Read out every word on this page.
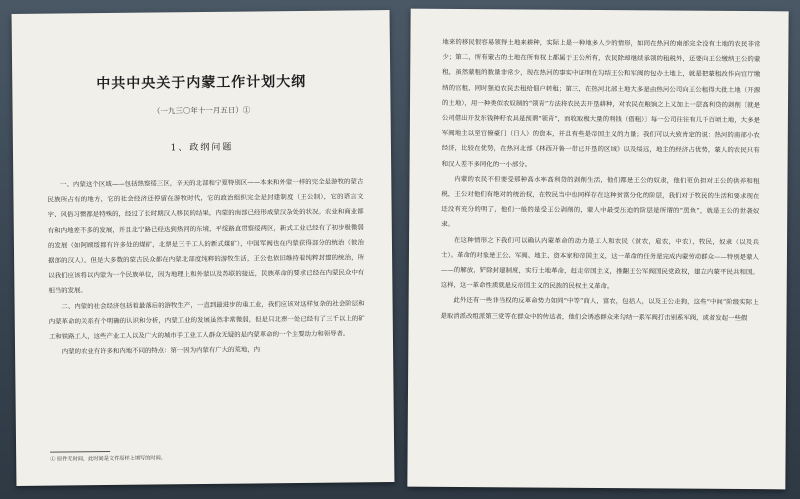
中共中央关于内蒙工作计划大纲
（一九三〇年十一月五日）①
1、政纲问题

一、内蒙这个区域——包括热察绥三区，辛天的北部和宁夏特别区——本来和外蒙一样的完全是游牧的蒙古民族所占有的地方，它的社会经济还停留在游牧时代，它的政治组织完全是封建制度（王公制），它的语言文字、风俗习惯都是特殊的，经过了长时期汉人移民的结果，内蒙的南部已经形成蒙汉杂处的状况。农业和商业都有和内地差不多的发展，并且北宁路已经达到热河的东境，平绥路直贯察绥两区，新式工业已经有了初步极微弱的发展（如阿顾绥都有许多处的煤矿，北票是三千工人的新式煤矿），中国军阀也在内蒙获得部分的统治（彼治据部的汉人）。但是大多数的蒙古民众都在内蒙北部度纯粹的游牧生活，王公也依旧维持着纯粹封建的统治，所以我们应该将以内蒙为一个民族单位，因为地理上和外蒙以及苏联的接近，民族革命的要求已经在内蒙民众中有相当的发展。

二、内蒙的社会经济包括着最落后的游牧生产，一直到最进步的重工业，我们应该对这样复杂的社会阶层和内蒙革命的关系有个明确的认识和分析，内蒙工业的发展虽然非常微弱，但是只北票一处已经有了三千以上的矿工和铁路工人，这些产业工人以及广大的城市手工业工人群众无疑的是内蒙革命的一个主要动力和领导者。

内蒙的农业有许多和内地不同的特点：第一因为内蒙有广大的荒地，内

① 原件无时间，此时间是文件原样上填写的时间。

地来的移民很容易领得土地来耕种，实际上是一种地多人少的情形，如同在热河的南部完全没有土地的农民非常少；第二，所有蒙古的土地在所有权上都属于王公所有，农民除却继续承领的租税外，还要向王公缴纳王公的蒙租，虽然蒙租的数量非常少，现在热河的事实中证明在勾结王公和军阀的包办土地上，就是把蒙租改作向官厅缴纳的官租，同时强迫农民去租给佃户转租；第三，在热河北部土地大多是由热河公司向王公租得大批土地（开源的土地），用一种类似农奴制的“领青”方法将农民去开垦耕种，对农民在粮饷之上又加上一层高利贷的剥削〔就是公司借出开发东钱种籽农具是预谓“领青”，而收取极大量的利钱（借粗）〕每一公司往往有几千百顷土地，大多是军阀地主以至官僚豪门（日人）的资本，并且有些是帝国主义的力量；我们可以大致肯定的说：热河的南部小农经济，比较在优势，在热河北部《林西开鲁一带已开垦的区域》以及绥远，地主的经济占优势，蒙人的农民只有和汉人差不多同化的一小部分。

内蒙的农民不但要受那种高水率高利贷的剥削生活，他们都是王公的奴隶，他们更负担对王公的供养和租税，王公对他们有绝对的统治权，在牧民当中也同样存在这种贫富分化的阶层，我们对于牧民的生活和要求现在还没有充分的明了，他们一般的是受王公剥削的，蒙人中最受压迫的阶层是所谓的“黑鱼”，就是王公的世袭奴隶。

在这种情形之下我们可以确认内蒙革命的动力是工人和农民（贫农，雇农，中农），牧民，奴隶（以及兵士）。革命的对象是王公、军阀、地主、资本家和帝国主义，这一革命的任务是完成内蒙劳动群众——特别是蒙人——的解放，铲除封建制度，实行土地革命，赶走帝国主义，推翻王公军阀国民党政权，建立内蒙平民共和国。这样，这一革命性质就是反帝国主义的民族的民权主义革命。

此外还有一些非当权的反革命势力如同“中等”商人，富农，包括人，以及王公走狗，这些“中间”阶级实际上是取消派改组派第三党等在群众中的传达者，他们会诱惑群众来勾结一系军阀打击别系军阀，或者发起一些假
